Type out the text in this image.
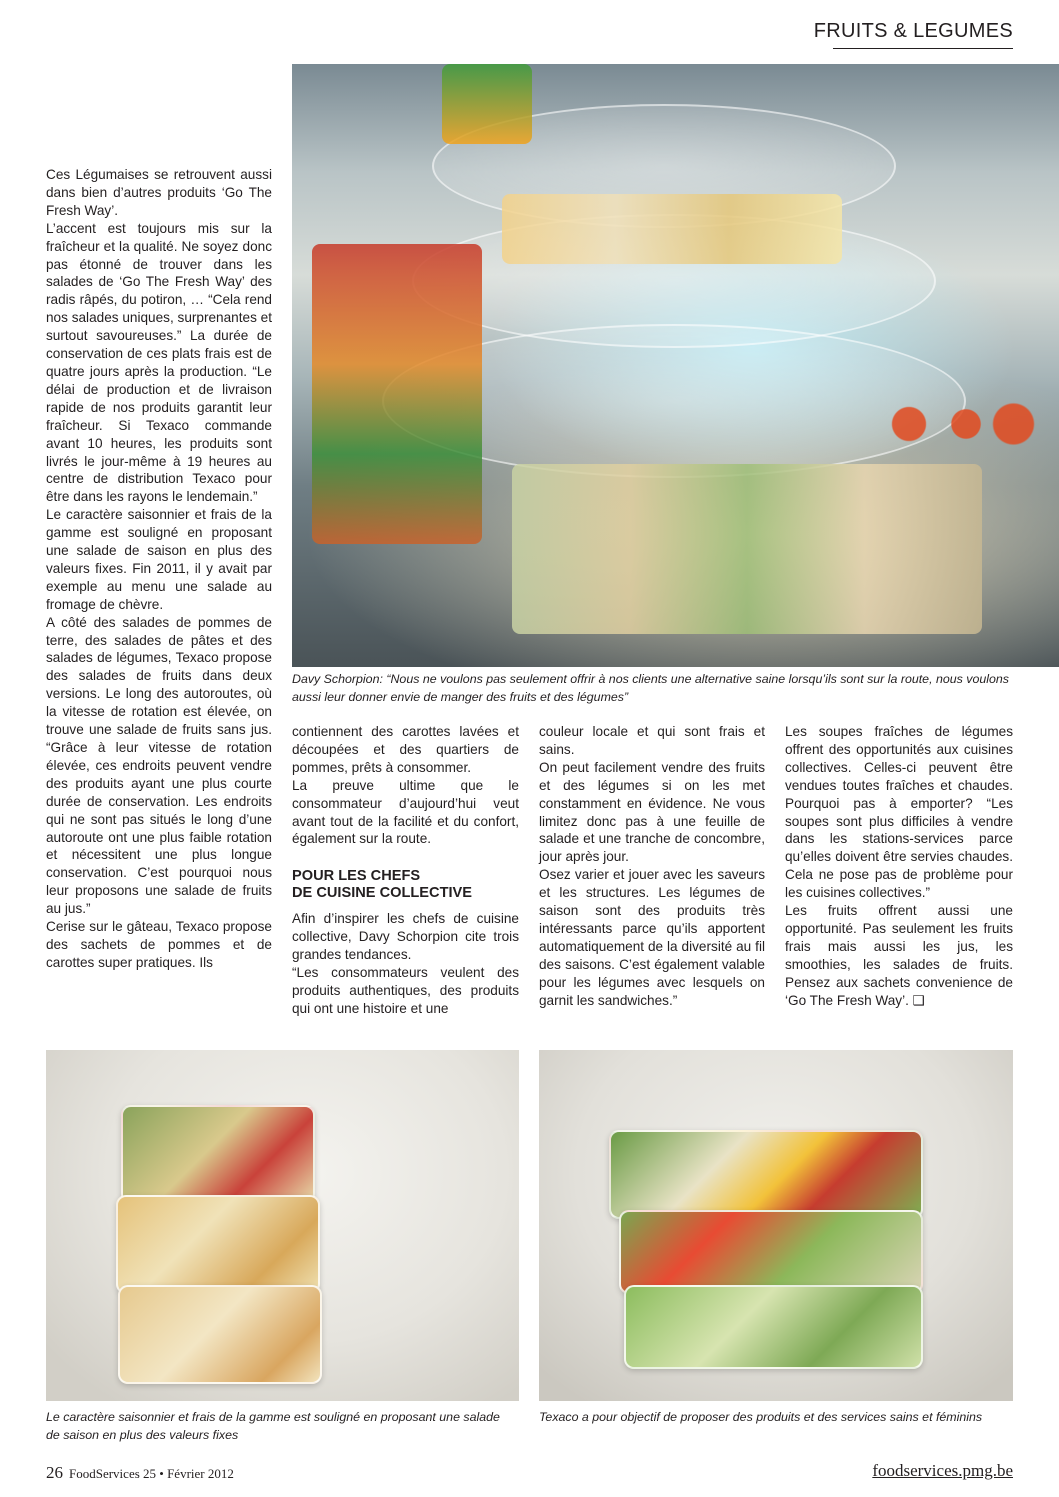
FRUITS & LEGUMES
Davy Schorpion: “Nous ne voulons pas seulement offrir à nos clients une alternative saine lorsqu’ils sont sur la route, nous voulons aussi leur donner envie de manger des fruits et des légumes”

Ces Légumaises se retrouvent aussi dans bien d’autres produits ‘Go The Fresh Way’.

L’accent est toujours mis sur la fraîcheur et la qualité. Ne soyez donc pas étonné de trouver dans les salades de ‘Go The Fresh Way’ des radis râpés, du potiron, … “Cela rend nos salades uniques, surprenantes et surtout savoureuses.” La durée de conservation de ces plats frais est de quatre jours après la production. “Le délai de production et de livraison rapide de nos produits garantit leur fraîcheur. Si Texaco commande avant 10 heures, les produits sont livrés le jour-même à 19 heures au centre de distribution Texaco pour être dans les rayons le lendemain.”

Le caractère saisonnier et frais de la gamme est souligné en proposant une salade de saison en plus des valeurs fixes. Fin 2011, il y avait par exemple au menu une salade au fromage de chèvre.

A côté des salades de pommes de terre, des salades de pâtes et des salades de légumes, Texaco propose des salades de fruits dans deux versions. Le long des autoroutes, où la vitesse de rotation est élevée, on trouve une salade de fruits sans jus. “Grâce à leur vitesse de rotation élevée, ces endroits peuvent vendre des produits ayant une plus courte durée de conservation. Les endroits qui ne sont pas situés le long d’une autoroute ont une plus faible rotation et nécessitent une plus longue conservation. C’est pourquoi nous leur proposons une salade de fruits au jus.”

Cerise sur le gâteau, Texaco propose des sachets de pommes et de carottes super pratiques. Ils

contiennent des carottes lavées et découpées et des quartiers de pommes, prêts à consommer.

La preuve ultime que le consommateur d’aujourd’hui veut avant tout de la facilité et du confort, également sur la route.

POUR LES CHEFS
DE CUISINE COLLECTIVE

Afin d’inspirer les chefs de cuisine collective, Davy Schorpion cite trois grandes tendances.

“Les consommateurs veulent des produits authentiques, des produits qui ont une histoire et une

couleur locale et qui sont frais et sains.

On peut facilement vendre des fruits et des légumes si on les met constamment en évidence. Ne vous limitez donc pas à une feuille de salade et une tranche de concombre, jour après jour.

Osez varier et jouer avec les saveurs et les structures. Les légumes de saison sont des produits très intéressants parce qu’ils apportent automatiquement de la diversité au fil des saisons. C’est également valable pour les légumes avec lesquels on garnit les sandwiches.”

Les soupes fraîches de légumes offrent des opportunités aux cuisines collectives. Celles-ci peuvent être vendues toutes fraîches et chaudes. Pourquoi pas à emporter? “Les soupes sont plus difficiles à vendre dans les stations-services parce qu’elles doivent être servies chaudes. Cela ne pose pas de problème pour les cuisines collectives.”

Les fruits offrent aussi une opportunité. Pas seulement les fruits frais mais aussi les jus, les smoothies, les salades de fruits. Pensez aux sachets convenience de ‘Go The Fresh Way’. ❑

Le caractère saisonnier et frais de la gamme est souligné en proposant une salade de saison en plus des valeurs fixes
Texaco a pour objectif de proposer des produits et des services sains et féminins
26 FoodServices 25 • Février 2012	foodservices.pmg.be
